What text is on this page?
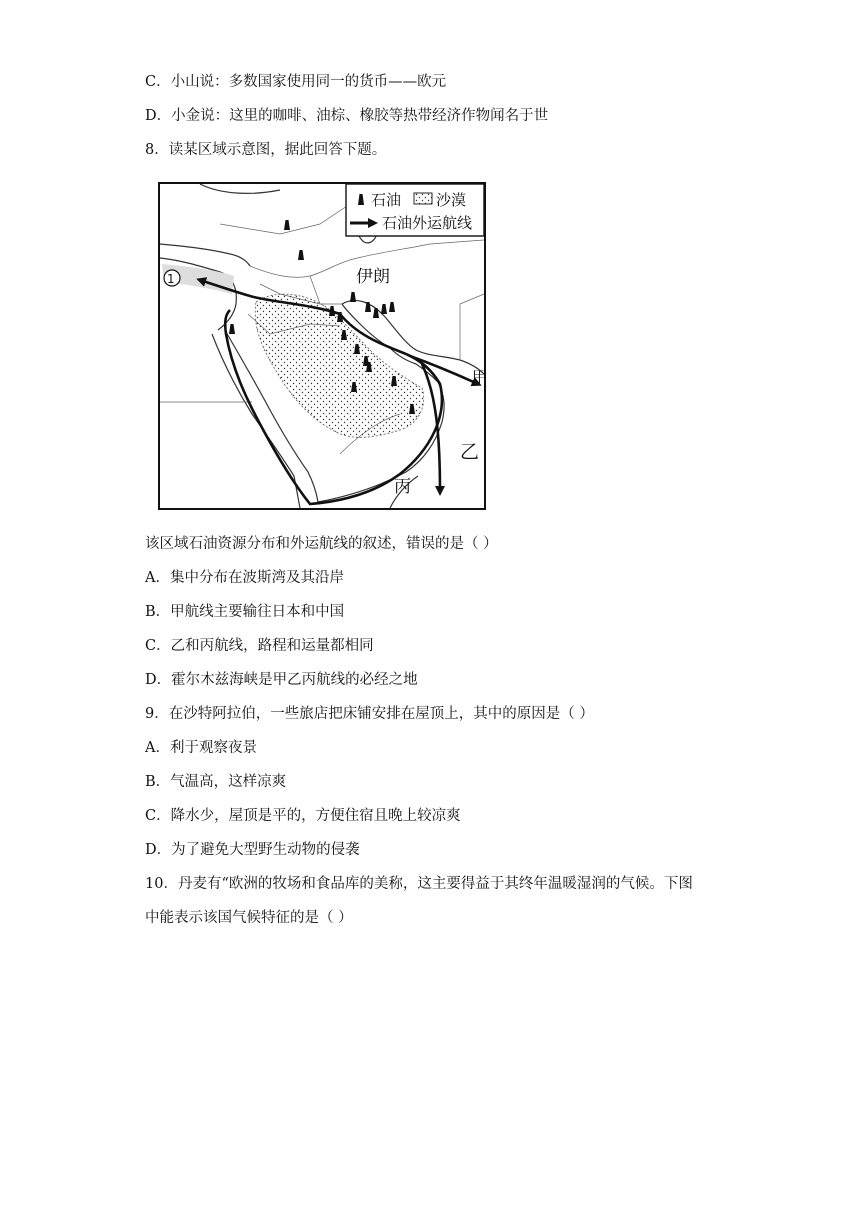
C．小山说：多数国家使用同一的货币——欧元
D．小金说：这里的咖啡、油棕、橡胶等热带经济作物闻名于世
8．读某区域示意图，据此回答下题。
伊朗
1
甲
乙
丙
石油 沙漠
石油外运航线
该区域石油资源分布和外运航线的叙述，错误的是（ ）
A．集中分布在波斯湾及其沿岸
B．甲航线主要输往日本和中国
C．乙和丙航线，路程和运量都相同
D．霍尔木兹海峡是甲乙丙航线的必经之地
9．在沙特阿拉伯，一些旅店把床铺安排在屋顶上，其中的原因是（ ）
A．利于观察夜景
B．气温高，这样凉爽
C．降水少，屋顶是平的，方便住宿且晚上较凉爽
D．为了避免大型野生动物的侵袭
10．丹麦有“欧洲的牧场和食品库的美称，这主要得益于其终年温暖湿润的气候。下图
中能表示该国气候特征的是（ ）
